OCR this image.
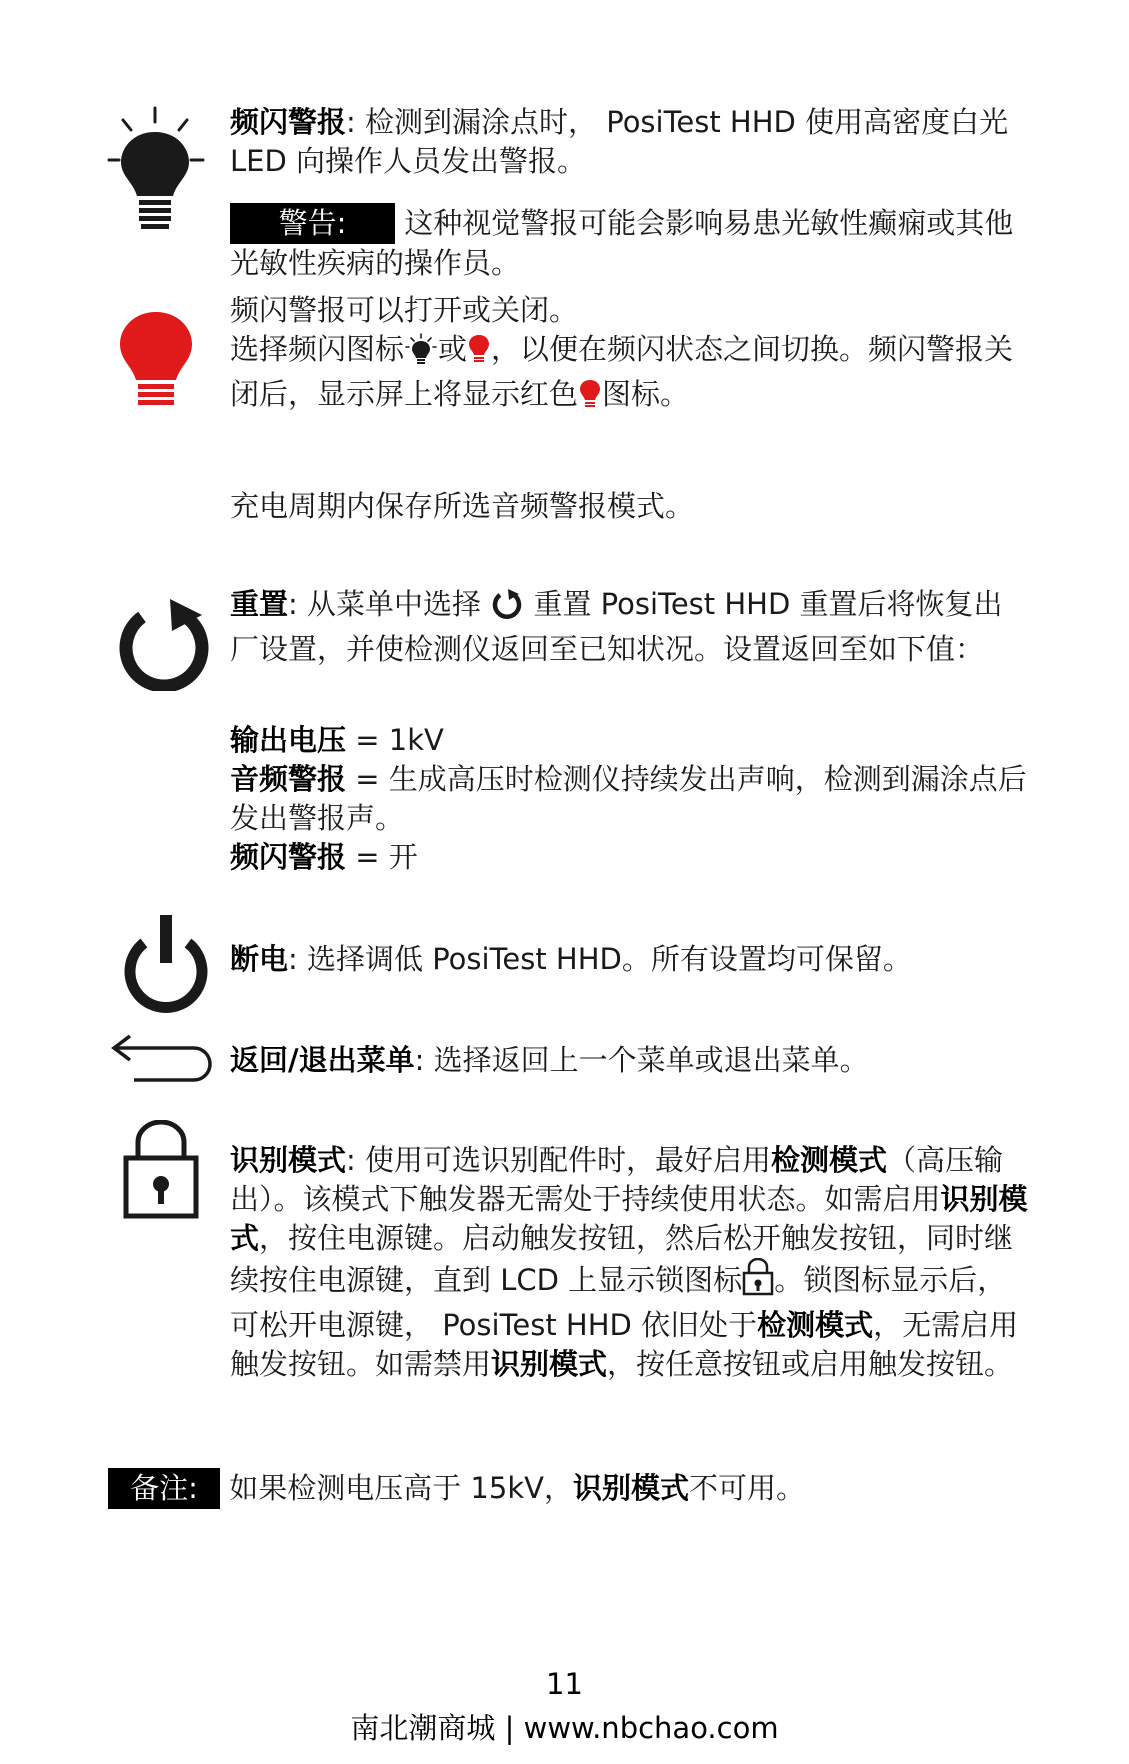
频闪警报: 检测到漏涂点时， PosiTest HHD 使用高密度白光 LED 向操作人员发出警报。

警告: 这种视觉警报可能会影响易患光敏性癫痫或其他光敏性疾病的操作员。

频闪警报可以打开或关闭。

选择频闪图标 或 ，以便在频闪状态之间切换。频闪警报关闭后，显示屏上将显示红色 图标。

充电周期内保存所选音频警报模式。

重置: 从菜单中选择 重置 PosiTest HHD 重置后将恢复出厂设置，并使检测仪返回至已知状况。设置返回至如下值：

输出电压 = 1kV

音频警报 = 生成高压时检测仪持续发出声响，检测到漏涂点后发出警报声。

频闪警报 = 开

断电: 选择调低 PosiTest HHD。所有设置均可保留。

返回/退出菜单: 选择返回上一个菜单或退出菜单。

识别模式: 使用可选识别配件时，最好启用检测模式（高压输出）。该模式下触发器无需处于持续使用状态。如需启用识别模式，按住电源键。启动触发按钮，然后松开触发按钮，同时继续按住电源键，直到 LCD 上显示锁图标 。锁图标显示后，可松开电源键， PosiTest HHD 依旧处于检测模式，无需启用触发按钮。如需禁用识别模式，按任意按钮或启用触发按钮。

备注: 如果检测电压高于 15kV，识别模式不可用。
11
南北潮商城 | www.nbchao.com
